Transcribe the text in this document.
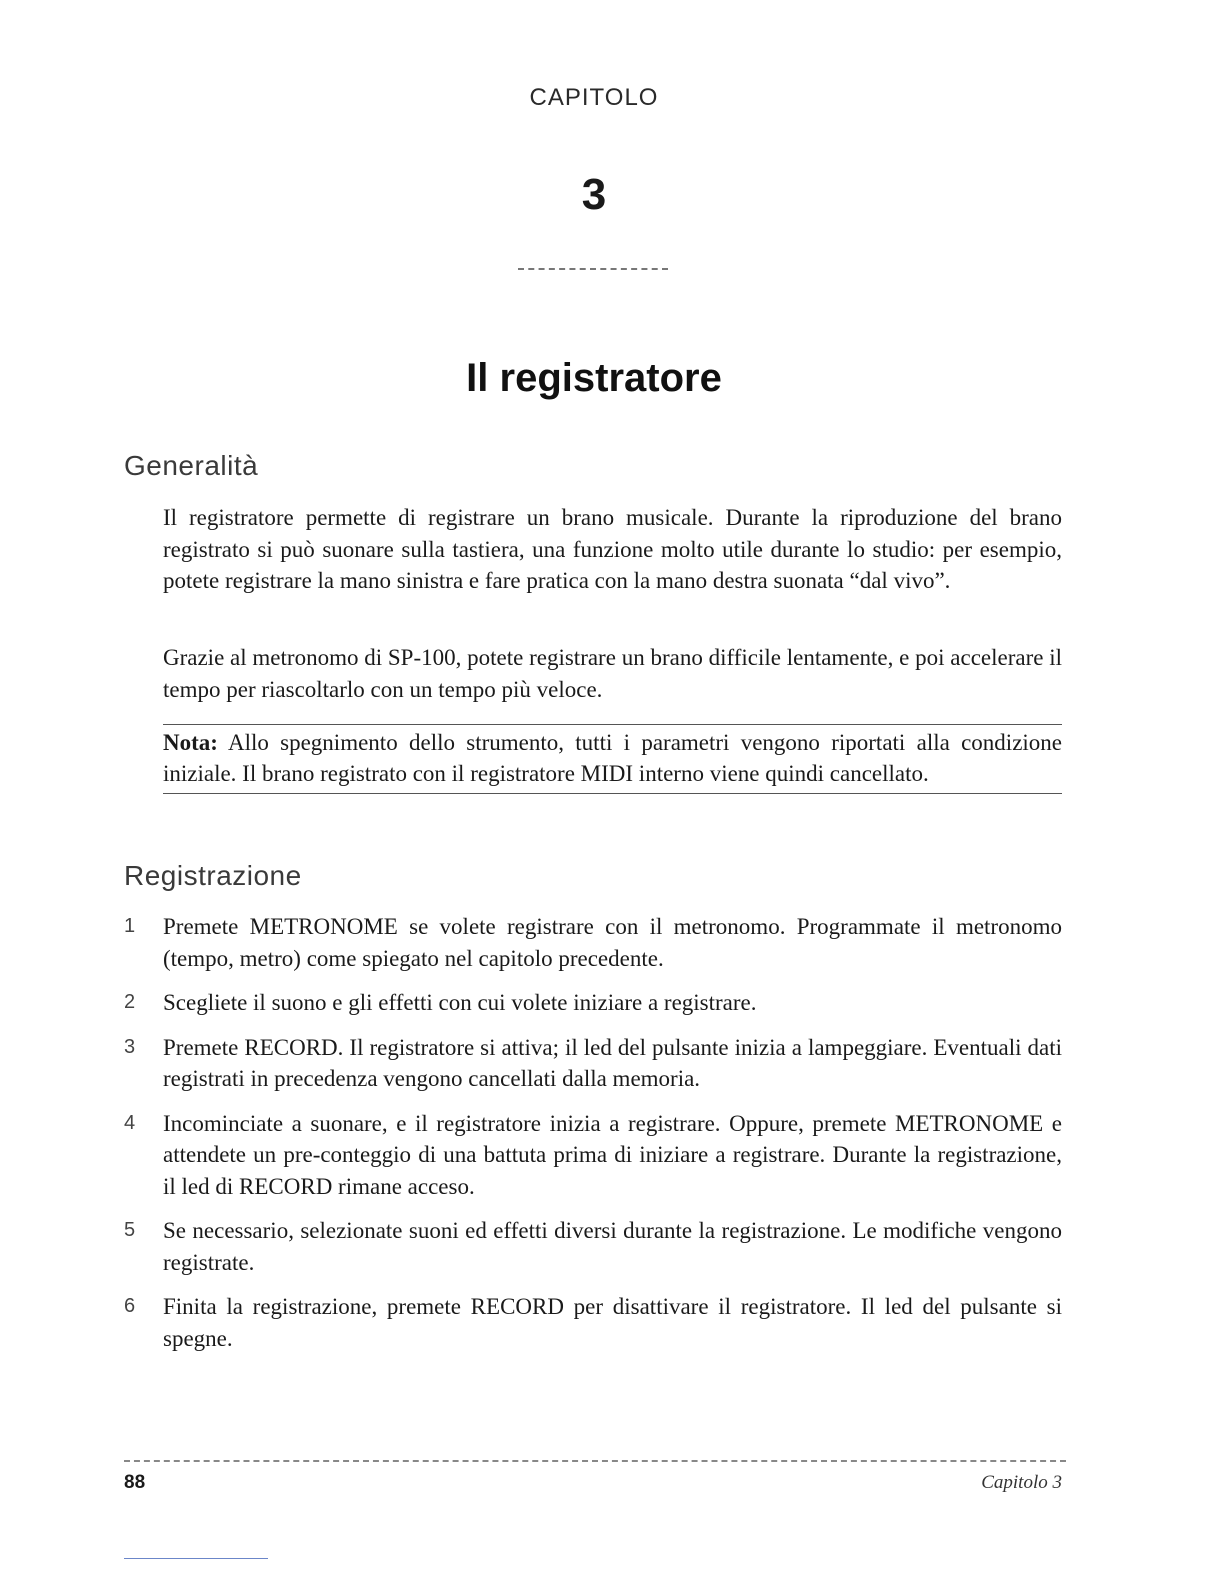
CAPITOLO
3
Il registratore
Generalità

Il registratore permette di registrare un brano musicale. Durante la riproduzione del brano registrato si può suonare sulla tastiera, una funzione molto utile durante lo studio: per esempio, potete registrare la mano sinistra e fare pratica con la mano destra suonata “dal vivo”.

Grazie al metronomo di SP-100, potete registrare un brano difficile lentamente, e poi accelerare il tempo per riascoltarlo con un tempo più veloce.

Nota: Allo spegnimento dello strumento, tutti i parametri vengono riportati alla condizione iniziale. Il brano registrato con il registratore MIDI interno viene quindi cancellato.
Registrazione
1 Premete METRONOME se volete registrare con il metronomo. Programmate il metronomo (tempo, metro) come spiegato nel capitolo precedente.
2 Scegliete il suono e gli effetti con cui volete iniziare a registrare.
3 Premete RECORD. Il registratore si attiva; il led del pulsante inizia a lampeggiare. Eventuali dati registrati in precedenza vengono cancellati dalla memoria.
4 Incominciate a suonare, e il registratore inizia a registrare. Oppure, premete METRONOME e attendete un pre-conteggio di una battuta prima di iniziare a registrare. Durante la registrazione, il led di RECORD rimane acceso.
5 Se necessario, selezionate suoni ed effetti diversi durante la registrazione. Le modifiche vengono registrate.
6 Finita la registrazione, premete RECORD per disattivare il registratore. Il led del pulsante si spegne.
88	Capitolo 3
